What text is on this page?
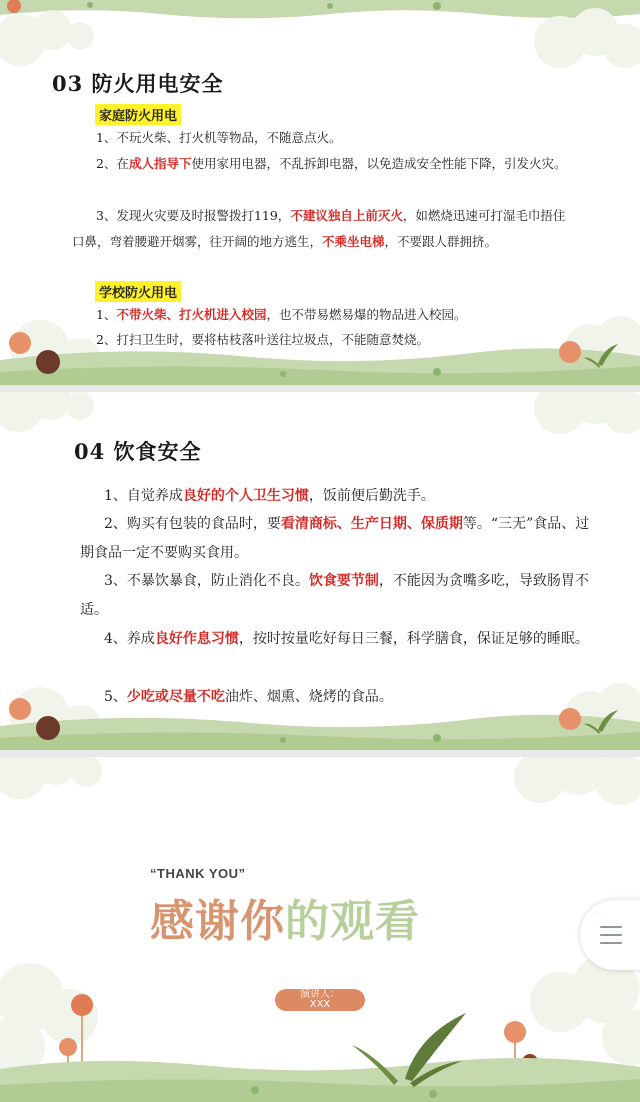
03 防火用电安全
家庭防火用电
1、不玩火柴、打火机等物品，不随意点火。
2、在成人指导下使用家用电器，不乱拆卸电器，以免造成安全性能下降，引发火灾。
3、发现火灾要及时报警拨打119，不建议独自上前灭火，如燃烧迅速可打湿毛巾捂住口鼻，弯着腰避开烟雾，往开阔的地方逃生，不乘坐电梯，不要跟人群拥挤。
学校防火用电
1、不带火柴、打火机进入校园，也不带易燃易爆的物品进入校园。
2、打扫卫生时，要将枯枝落叶送往垃圾点，不能随意焚烧。
04 饮食安全
1、自觉养成良好的个人卫生习惯，饭前便后勤洗手。
2、购买有包装的食品时，要看清商标、生产日期、保质期等。“三无”食品、过期食品一定不要购买食用。
3、不暴饮暴食，防止消化不良。饮食要节制，不能因为贪嘴多吃，导致肠胃不适。
4、养成良好作息习惯，按时按量吃好每日三餐，科学膳食，保证足够的睡眠。
5、少吃或尽量不吃油炸、烟熏、烧烤的食品。
“THANK YOU”
感谢你的观看
演讲人：
XXX
